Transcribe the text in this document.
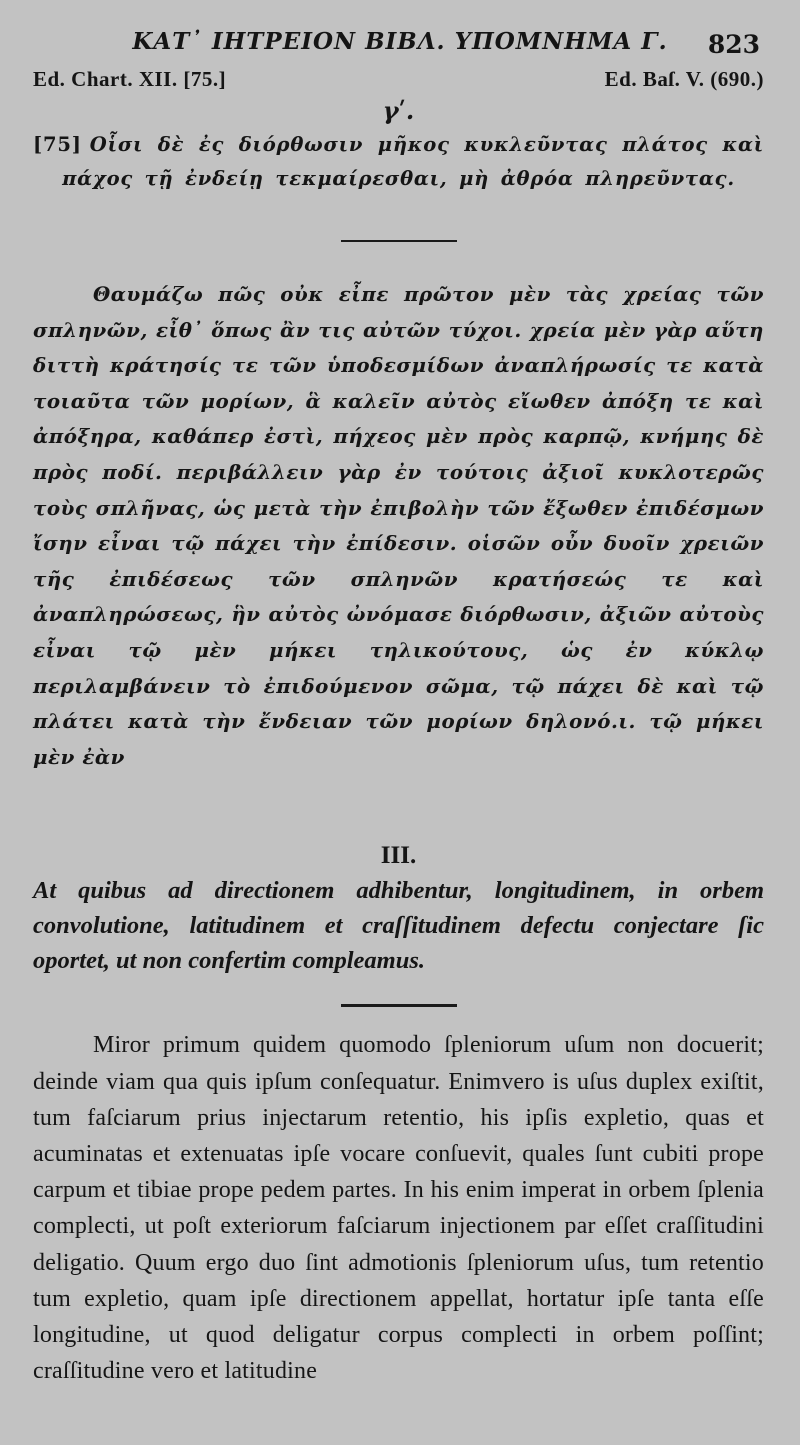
ΚΑΤ᾿ ΙΗΤΡΕΙΟΝ ΒΙΒΛ. ΥΠΟΜΝΗΜΑ Γ.	823
Ed. Chart. XII. [75.]	Ed. Baſ. V. (690.)
γʹ.
[75] Οἷσι δὲ ἐς διόρθωσιν μῆκος κυκλεῦντας πλάτος καὶ πάχος τῇ ἐνδείῃ τεκμαίρεσθαι, μὴ ἀθρόα πληρεῦντας.
Θαυμάζω πῶς οὐκ εἶπε πρῶτον μὲν τὰς χρείας τῶν σπληνῶν, εἶθ᾿ ὅπως ἂν τις αὐτῶν τύχοι. χρεία μὲν γὰρ αὕτη διττὴ κράτησίς τε τῶν ὑποδεσμίδων ἀναπλήρωσίς τε κατὰ τοιαῦτα τῶν μορίων, ἃ καλεῖν αὐτὸς εἴωθεν ἀπόξη τε καὶ ἀπόξηρα, καθάπερ ἐστὶ, πήχεος μὲν πρὸς καρπῷ, κνήμης δὲ πρὸς ποδί. περιβάλλειν γὰρ ἐν τούτοις ἀξιοῖ κυκλοτερῶς τοὺς σπλῆνας, ὡς μετὰ τὴν ἐπιβολὴν τῶν ἔξωθεν ἐπιδέσμων ἴσην εἶναι τῷ πάχει τὴν ἐπίδεσιν. οἱσῶν οὖν δυοῖν χρειῶν τῆς ἐπιδέσεως τῶν σπληνῶν κρατήσεώς τε καὶ ἀναπληρώσεως, ἣν αὐτὸς ὠνόμασε διόρθωσιν, ἀξιῶν αὐτοὺς εἶναι τῷ μὲν μήκει τηλικούτους, ὡς ἐν κύκλῳ περιλαμβάνειν τὸ ἐπιδούμενον σῶμα, τῷ πάχει δὲ καὶ τῷ πλάτει κατὰ τὴν ἔνδειαν τῶν μορίων δηλονό.ι. τῷ μήκει μὲν ἐὰν
III.
At quibus ad directionem adhibentur, longitudinem, in orbem convolutione, latitudinem et craſſitudinem defectu conjectare ſic oportet, ut non confertim compleamus.
Miror primum quidem quomodo ſpleniorum uſum non docuerit; deinde viam qua quis ipſum conſequatur. Enimvero is uſus duplex exiſtit, tum faſciarum prius injectarum retentio, his ipſis expletio, quas et acuminatas et extenuatas ipſe vocare conſuevit, quales ſunt cubiti prope carpum et tibiae prope pedem partes. In his enim imperat in orbem ſplenia complecti, ut poſt exteriorum faſciarum injectionem par eſſet craſſitudini deligatio. Quum ergo duo ſint admotionis ſpleniorum uſus, tum retentio tum expletio, quam ipſe directionem appellat, hortatur ipſe tanta eſſe longitudine, ut quod deligatur corpus complecti in orbem poſſint; craſſitudine vero et latitudine
